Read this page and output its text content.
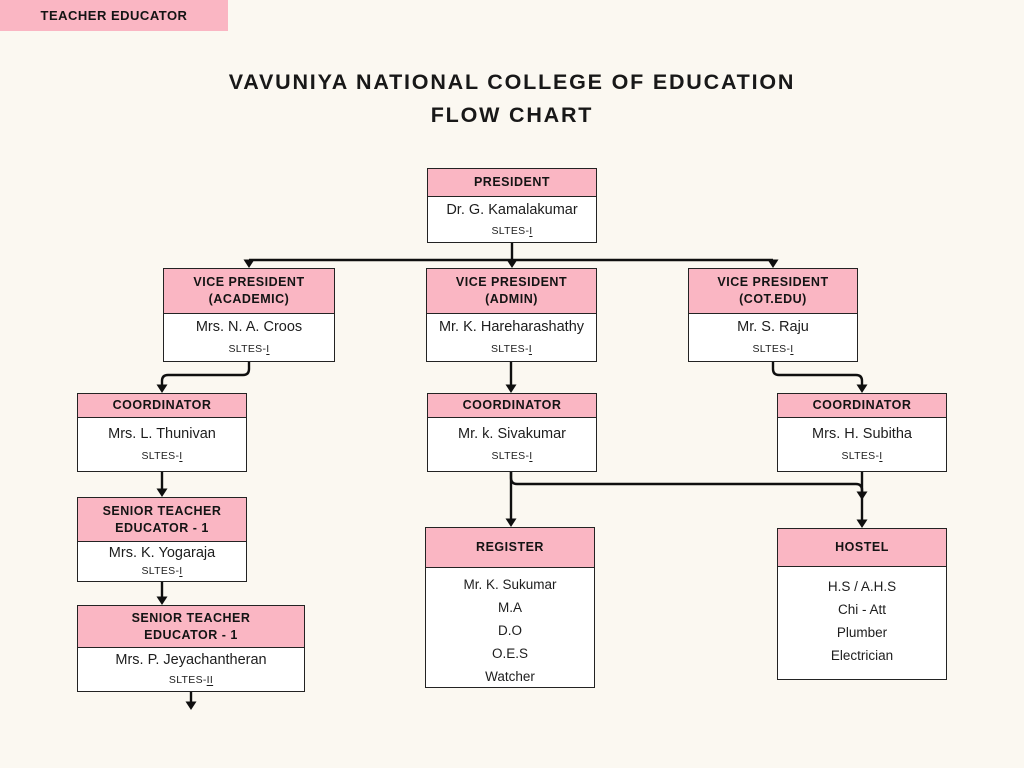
VAVUNIYA NATIONAL COLLEGE OF EDUCATION
FLOW CHART
PRESIDENT
Dr. G. Kamalakumar
SLTES-I
VICE PRESIDENT
(ACADEMIC)
Mrs. N. A. Croos
SLTES-I
VICE PRESIDENT
(ADMIN)
Mr. K. Hareharashathy
SLTES-I
VICE PRESIDENT
(COT.EDU)
Mr. S. Raju
SLTES-I
COORDINATOR
Mrs. L. Thunivan
SLTES-I
COORDINATOR
Mr. k. Sivakumar
SLTES-I
COORDINATOR
Mrs. H. Subitha
SLTES-I
SENIOR TEACHER
EDUCATOR - 1
Mrs. K. Yogaraja
SLTES-I
SENIOR TEACHER
EDUCATOR - 1
Mrs. P. Jeyachantheran
SLTES-II
TEACHER EDUCATOR
REGISTER
Mr. K. Sukumar
M.A
D.O
O.E.S
Watcher
HOSTEL
H.S / A.H.S
Chi - Att
Plumber
Electrician
